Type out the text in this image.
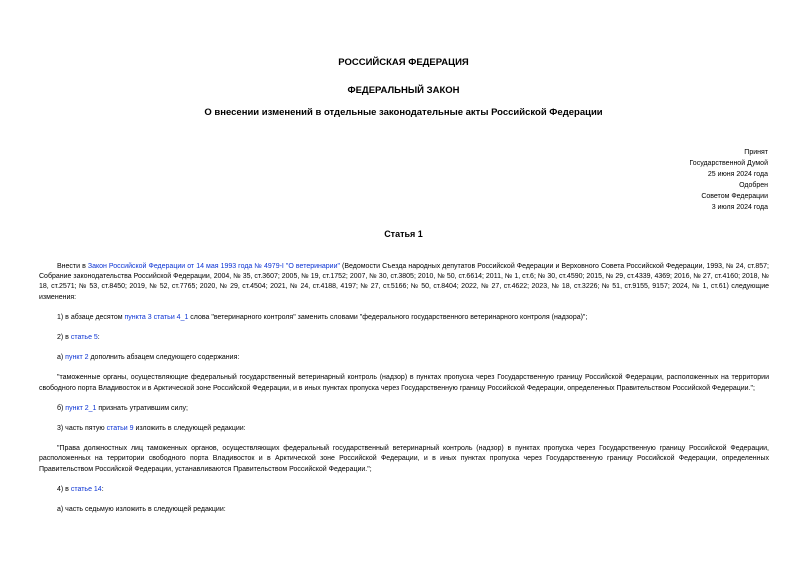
РОССИЙСКАЯ ФЕДЕРАЦИЯ
ФЕДЕРАЛЬНЫЙ ЗАКОН
О внесении изменений в отдельные законодательные акты Российской Федерации
Принят
Государственной Думой
25 июня 2024 года
Одобрен
Советом Федерации
3 июля 2024 года
Статья 1

Внести в Закон Российской Федерации от 14 мая 1993 года № 4979-I "О ветеринарии" (Ведомости Съезда народных депутатов Российской Федерации и Верховного Совета Российской Федерации, 1993, № 24, ст.857; Собрание законодательства Российской Федерации, 2004, № 35, ст.3607; 2005, № 19, ст.1752; 2007, № 30, ст.3805; 2010, № 50, ст.6614; 2011, № 1, ст.6; № 30, ст.4590; 2015, № 29, ст.4339, 4369; 2016, № 27, ст.4160; 2018, № 18, ст.2571; № 53, ст.8450; 2019, № 52, ст.7765; 2020, № 29, ст.4504; 2021, № 24, ст.4188, 4197; № 27, ст.5166; № 50, ст.8404; 2022, № 27, ст.4622; 2023, № 18, ст.3226; № 51, ст.9155, 9157; 2024, № 1, ст.61) следующие изменения:

1) в абзаце десятом пункта 3 статьи 4_1 слова "ветеринарного контроля" заменить словами "федерального государственного ветеринарного контроля (надзора)";

2) в статье 5:

а) пункт 2 дополнить абзацем следующего содержания:

"таможенные органы, осуществляющие федеральный государственный ветеринарный контроль (надзор) в пунктах пропуска через Государственную границу Российской Федерации, расположенных на территории свободного порта Владивосток и в Арктической зоне Российской Федерации, и в иных пунктах пропуска через Государственную границу Российской Федерации, определенных Правительством Российской Федерации.";

б) пункт 2_1 признать утратившим силу;

3) часть пятую статьи 9 изложить в следующей редакции:

"Права должностных лиц таможенных органов, осуществляющих федеральный государственный ветеринарный контроль (надзор) в пунктах пропуска через Государственную границу Российской Федерации, расположенных на территории свободного порта Владивосток и в Арктической зоне Российской Федерации, и в иных пунктах пропуска через Государственную границу Российской Федерации, определенных Правительством Российской Федерации, устанавливаются Правительством Российской Федерации.";

4) в статье 14:

а) часть седьмую изложить в следующей редакции:
